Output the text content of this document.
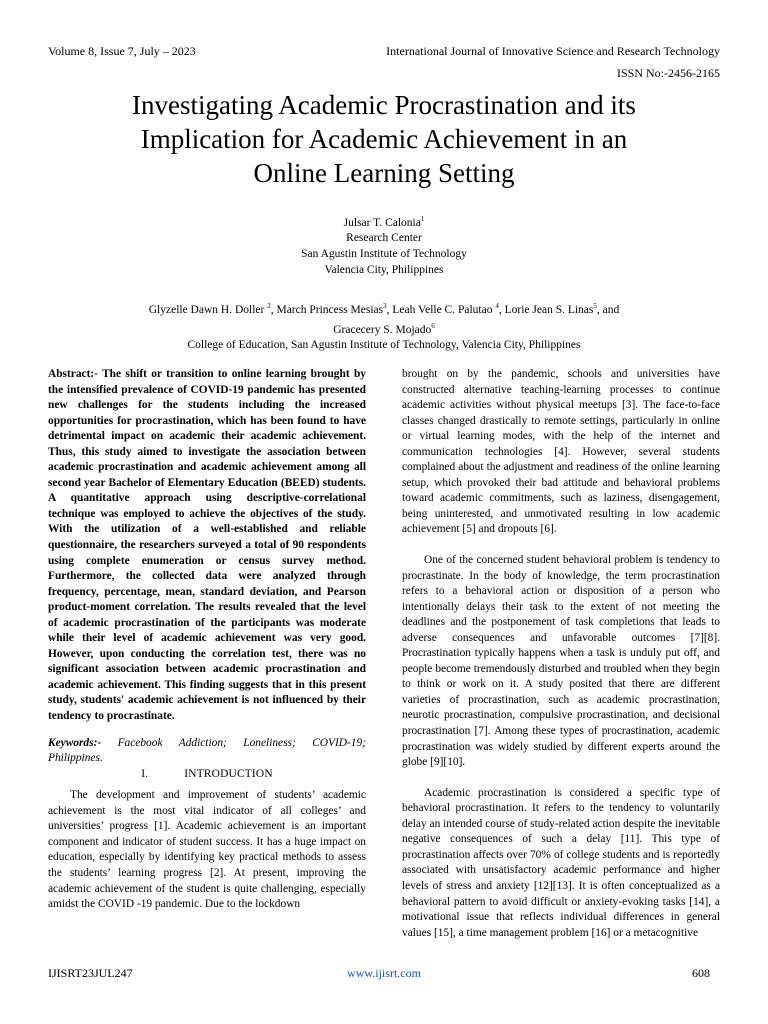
Volume 8, Issue 7, July – 2023	International Journal of Innovative Science and Research Technology
ISSN No:-2456-2165
Investigating Academic Procrastination and its
Implication for Academic Achievement in an
Online Learning Setting
Julsar T. Calonia$^1$
Research Center
San Agustin Institute of Technology
Valencia City, Philippines
Glyzelle Dawn H. Doller $^2$, March Princess Mesias$^3$, Leah Velle C. Palutao $^4$, Lorie Jean S. Linas$^5$, and
Gracecery S. Mojado$^6$
College of Education, San Agustin Institute of Technology, Valencia City, Philippines

Abstract:- The shift or transition to online learning brought by the intensified prevalence of COVID-19 pandemic has presented new challenges for the students including the increased opportunities for procrastination, which has been found to have detrimental impact on academic their academic achievement. Thus, this study aimed to investigate the association between academic procrastination and academic achievement among all second year Bachelor of Elementary Education (BEED) students. A quantitative approach using descriptive-correlational technique was employed to achieve the objectives of the study. With the utilization of a well-established and reliable questionnaire, the researchers surveyed a total of 90 respondents using complete enumeration or census survey method. Furthermore, the collected data were analyzed through frequency, percentage, mean, standard deviation, and Pearson product-moment correlation. The results revealed that the level of academic procrastination of the participants was moderate while their level of academic achievement was very good. However, upon conducting the correlation test, there was no significant association between academic procrastination and academic achievement. This finding suggests that in this present study, students' academic achievement is not influenced by their tendency to procrastinate.

Keywords:- Facebook Addiction; Loneliness; COVID-19; Philippines.

I.	INTRODUCTION

The development and improvement of students’ academic achievement is the most vital indicator of all colleges’ and universities’ progress [1]. Academic achievement is an important component and indicator of student success. It has a huge impact on education, especially by identifying key practical methods to assess the students’ learning progress [2]. At present, improving the academic achievement of the student is quite challenging, especially amidst the COVID -19 pandemic. Due to the lockdown

brought on by the pandemic, schools and universities have constructed alternative teaching-learning processes to continue academic activities without physical meetups [3]. The face-to-face classes changed drastically to remote settings, particularly in online or virtual learning modes, with the help of the internet and communication technologies [4]. However, several students complained about the adjustment and readiness of the online learning setup, which provoked their bad attitude and behavioral problems toward academic commitments, such as laziness, disengagement, being uninterested, and unmotivated resulting in low academic achievement [5] and dropouts [6].

One of the concerned student behavioral problem is tendency to procrastinate. In the body of knowledge, the term procrastination refers to a behavioral action or disposition of a person who intentionally delays their task to the extent of not meeting the deadlines and the postponement of task completions that leads to adverse consequences and unfavorable outcomes [7][8]. Procrastination typically happens when a task is unduly put off, and people become tremendously disturbed and troubled when they begin to think or work on it. A study posited that there are different varieties of procrastination, such as academic procrastination, neurotic procrastination, compulsive procrastination, and decisional procrastination [7]. Among these types of procrastination, academic procrastination was widely studied by different experts around the globe [9][10].

Academic procrastination is considered a specific type of behavioral procrastination. It refers to the tendency to voluntarily delay an intended course of study-related action despite the inevitable negative consequences of such a delay [11]. This type of procrastination affects over 70% of college students and is reportedly associated with unsatisfactory academic performance and higher levels of stress and anxiety [12][13]. It is often conceptualized as a behavioral pattern to avoid difficult or anxiety-evoking tasks [14], a motivational issue that reflects individual differences in general values [15], a time management problem [16] or a metacognitive

IJISRT23JUL247	www.ijisrt.com	608
